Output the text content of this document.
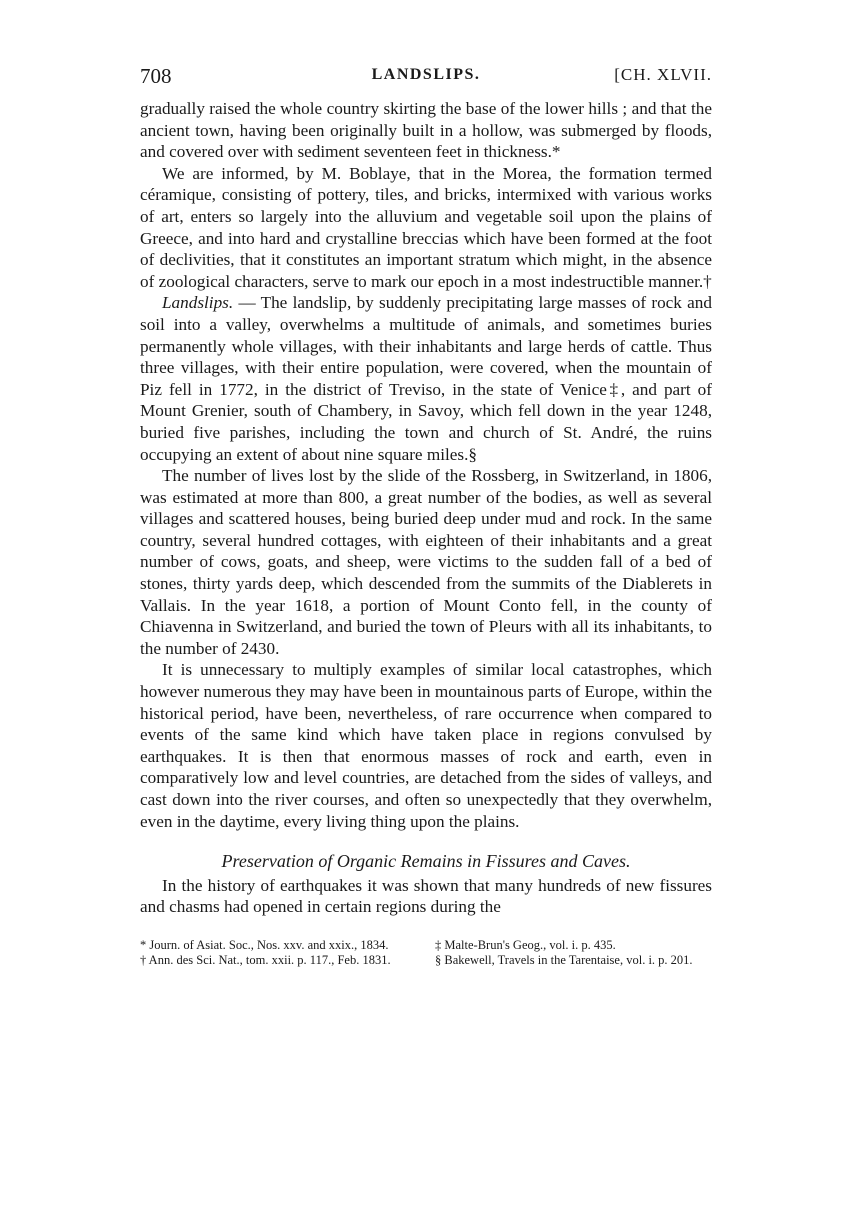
708	LANDSLIPS.	[CH. XLVII.

gradually raised the whole country skirting the base of the lower hills ; and that the ancient town, having been originally built in a hollow, was submerged by floods, and covered over with sediment seventeen feet in thickness.*

We are informed, by M. Boblaye, that in the Morea, the formation termed céramique, consisting of pottery, tiles, and bricks, intermixed with various works of art, enters so largely into the alluvium and vegetable soil upon the plains of Greece, and into hard and crystalline breccias which have been formed at the foot of declivities, that it constitutes an important stratum which might, in the absence of zoological characters, serve to mark our epoch in a most indestructible manner.†

Landslips. — The landslip, by suddenly precipitating large masses of rock and soil into a valley, overwhelms a multitude of animals, and sometimes buries permanently whole villages, with their inhabitants and large herds of cattle. Thus three villages, with their entire population, were covered, when the mountain of Piz fell in 1772, in the district of Treviso, in the state of Venice‡, and part of Mount Grenier, south of Chambery, in Savoy, which fell down in the year 1248, buried five parishes, including the town and church of St. André, the ruins occupying an extent of about nine square miles.§

The number of lives lost by the slide of the Rossberg, in Switzerland, in 1806, was estimated at more than 800, a great number of the bodies, as well as several villages and scattered houses, being buried deep under mud and rock. In the same country, several hundred cottages, with eighteen of their inhabitants and a great number of cows, goats, and sheep, were victims to the sudden fall of a bed of stones, thirty yards deep, which descended from the summits of the Diablerets in Vallais. In the year 1618, a portion of Mount Conto fell, in the county of Chiavenna in Switzerland, and buried the town of Pleurs with all its inhabitants, to the number of 2430.

It is unnecessary to multiply examples of similar local catastrophes, which however numerous they may have been in mountainous parts of Europe, within the historical period, have been, nevertheless, of rare occurrence when compared to events of the same kind which have taken place in regions convulsed by earthquakes. It is then that enormous masses of rock and earth, even in comparatively low and level countries, are detached from the sides of valleys, and cast down into the river courses, and often so unexpectedly that they overwhelm, even in the daytime, every living thing upon the plains.

Preservation of Organic Remains in Fissures and Caves.

In the history of earthquakes it was shown that many hundreds of new fissures and chasms had opened in certain regions during the

* Journ. of Asiat. Soc., Nos. xxv. and xxix., 1834.

† Ann. des Sci. Nat., tom. xxii. p. 117., Feb. 1831.

‡ Malte-Brun's Geog., vol. i. p. 435.

§ Bakewell, Travels in the Tarentaise, vol. i. p. 201.
